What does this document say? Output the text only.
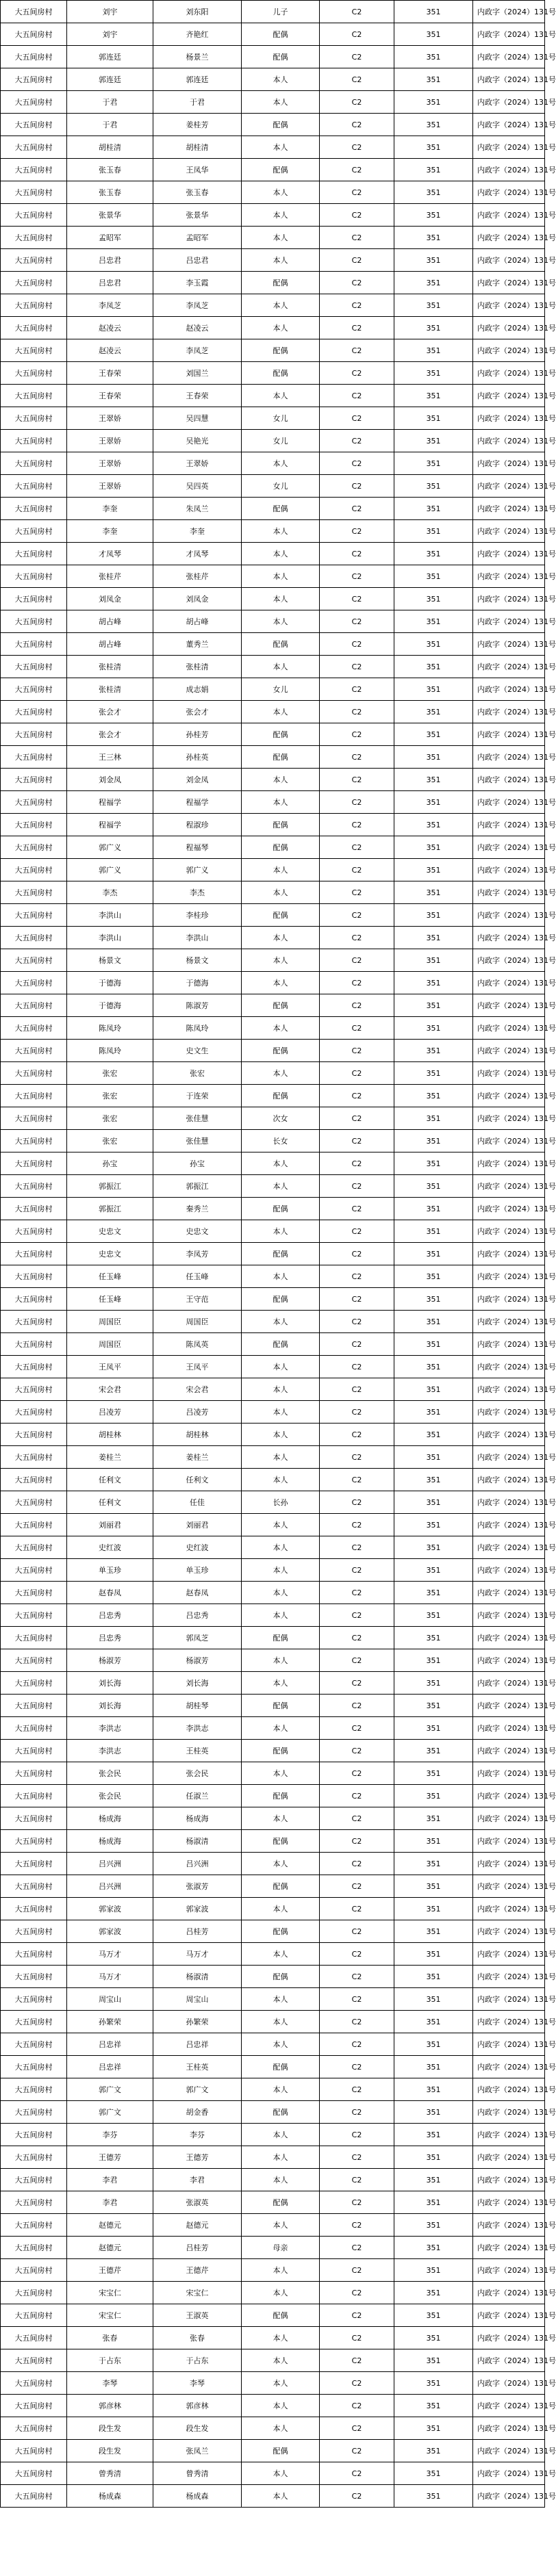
大五间房村	刘宇	刘东阳	儿子	C2	351	内政字（2024）131号
大五间房村	刘宇	齐艳红	配偶	C2	351	内政字（2024）131号
大五间房村	郭连廷	杨景兰	配偶	C2	351	内政字（2024）131号
大五间房村	郭连廷	郭连廷	本人	C2	351	内政字（2024）131号
大五间房村	于君	于君	本人	C2	351	内政字（2024）131号
大五间房村	于君	姜桂芳	配偶	C2	351	内政字（2024）131号
大五间房村	胡桂清	胡桂清	本人	C2	351	内政字（2024）131号
大五间房村	张玉春	王凤华	配偶	C2	351	内政字（2024）131号
大五间房村	张玉春	张玉春	本人	C2	351	内政字（2024）131号
大五间房村	张景华	张景华	本人	C2	351	内政字（2024）131号
大五间房村	孟昭军	孟昭军	本人	C2	351	内政字（2024）131号
大五间房村	吕忠君	吕忠君	本人	C2	351	内政字（2024）131号
大五间房村	吕忠君	李玉霞	配偶	C2	351	内政字（2024）131号
大五间房村	李凤芝	李凤芝	本人	C2	351	内政字（2024）131号
大五间房村	赵凌云	赵凌云	本人	C2	351	内政字（2024）131号
大五间房村	赵凌云	李凤芝	配偶	C2	351	内政字（2024）131号
大五间房村	王春荣	刘国兰	配偶	C2	351	内政字（2024）131号
大五间房村	王春荣	王春荣	本人	C2	351	内政字（2024）131号
大五间房村	王翠娇	吴四慧	女儿	C2	351	内政字（2024）131号
大五间房村	王翠娇	吴艳光	女儿	C2	351	内政字（2024）131号
大五间房村	王翠娇	王翠娇	本人	C2	351	内政字（2024）131号
大五间房村	王翠娇	吴四英	女儿	C2	351	内政字（2024）131号
大五间房村	李奎	朱凤兰	配偶	C2	351	内政字（2024）131号
大五间房村	李奎	李奎	本人	C2	351	内政字（2024）131号
大五间房村	才凤琴	才凤琴	本人	C2	351	内政字（2024）131号
大五间房村	张桂芹	张桂芹	本人	C2	351	内政字（2024）131号
大五间房村	刘凤金	刘凤金	本人	C2	351	内政字（2024）131号
大五间房村	胡占峰	胡占峰	本人	C2	351	内政字（2024）131号
大五间房村	胡占峰	董秀兰	配偶	C2	351	内政字（2024）131号
大五间房村	张桂清	张桂清	本人	C2	351	内政字（2024）131号
大五间房村	张桂清	成志娟	女儿	C2	351	内政字（2024）131号
大五间房村	张会才	张会才	本人	C2	351	内政字（2024）131号
大五间房村	张会才	孙桂芳	配偶	C2	351	内政字（2024）131号
大五间房村	王三林	孙桂英	配偶	C2	351	内政字（2024）131号
大五间房村	刘金凤	刘金凤	本人	C2	351	内政字（2024）131号
大五间房村	程福学	程福学	本人	C2	351	内政字（2024）131号
大五间房村	程福学	程淑珍	配偶	C2	351	内政字（2024）131号
大五间房村	郭广义	程福琴	配偶	C2	351	内政字（2024）131号
大五间房村	郭广义	郭广义	本人	C2	351	内政字（2024）131号
大五间房村	李杰	李杰	本人	C2	351	内政字（2024）131号
大五间房村	李洪山	李桂珍	配偶	C2	351	内政字（2024）131号
大五间房村	李洪山	李洪山	本人	C2	351	内政字（2024）131号
大五间房村	杨景文	杨景文	本人	C2	351	内政字（2024）131号
大五间房村	于德海	于德海	本人	C2	351	内政字（2024）131号
大五间房村	于德海	陈淑芳	配偶	C2	351	内政字（2024）131号
大五间房村	陈凤玲	陈凤玲	本人	C2	351	内政字（2024）131号
大五间房村	陈凤玲	史文生	配偶	C2	351	内政字（2024）131号
大五间房村	张宏	张宏	本人	C2	351	内政字（2024）131号
大五间房村	张宏	于连荣	配偶	C2	351	内政字（2024）131号
大五间房村	张宏	张佳慧	次女	C2	351	内政字（2024）131号
大五间房村	张宏	张佳慧	长女	C2	351	内政字（2024）131号
大五间房村	孙宝	孙宝	本人	C2	351	内政字（2024）131号
大五间房村	郭振江	郭振江	本人	C2	351	内政字（2024）131号
大五间房村	郭振江	秦秀兰	配偶	C2	351	内政字（2024）131号
大五间房村	史忠文	史忠文	本人	C2	351	内政字（2024）131号
大五间房村	史忠文	李凤芳	配偶	C2	351	内政字（2024）131号
大五间房村	任玉峰	任玉峰	本人	C2	351	内政字（2024）131号
大五间房村	任玉峰	王守范	配偶	C2	351	内政字（2024）131号
大五间房村	周国臣	周国臣	本人	C2	351	内政字（2024）131号
大五间房村	周国臣	陈凤英	配偶	C2	351	内政字（2024）131号
大五间房村	王凤平	王凤平	本人	C2	351	内政字（2024）131号
大五间房村	宋会君	宋会君	本人	C2	351	内政字（2024）131号
大五间房村	吕凌芳	吕凌芳	本人	C2	351	内政字（2024）131号
大五间房村	胡桂林	胡桂林	本人	C2	351	内政字（2024）131号
大五间房村	姜桂兰	姜桂兰	本人	C2	351	内政字（2024）131号
大五间房村	任利文	任利文	本人	C2	351	内政字（2024）131号
大五间房村	任利文	任佳	长孙	C2	351	内政字（2024）131号
大五间房村	刘丽君	刘丽君	本人	C2	351	内政字（2024）131号
大五间房村	史红波	史红波	本人	C2	351	内政字（2024）131号
大五间房村	单玉珍	单玉珍	本人	C2	351	内政字（2024）131号
大五间房村	赵春凤	赵春凤	本人	C2	351	内政字（2024）131号
大五间房村	吕忠秀	吕忠秀	本人	C2	351	内政字（2024）131号
大五间房村	吕忠秀	郭凤芝	配偶	C2	351	内政字（2024）131号
大五间房村	杨淑芳	杨淑芳	本人	C2	351	内政字（2024）131号
大五间房村	刘长海	刘长海	本人	C2	351	内政字（2024）131号
大五间房村	刘长海	胡桂琴	配偶	C2	351	内政字（2024）131号
大五间房村	李洪志	李洪志	本人	C2	351	内政字（2024）131号
大五间房村	李洪志	王桂英	配偶	C2	351	内政字（2024）131号
大五间房村	张会民	张会民	本人	C2	351	内政字（2024）131号
大五间房村	张会民	任淑兰	配偶	C2	351	内政字（2024）131号
大五间房村	杨成海	杨成海	本人	C2	351	内政字（2024）131号
大五间房村	杨成海	杨淑清	配偶	C2	351	内政字（2024）131号
大五间房村	吕兴洲	吕兴洲	本人	C2	351	内政字（2024）131号
大五间房村	吕兴洲	张淑芳	配偶	C2	351	内政字（2024）131号
大五间房村	郭家波	郭家波	本人	C2	351	内政字（2024）131号
大五间房村	郭家波	吕桂芳	配偶	C2	351	内政字（2024）131号
大五间房村	马万才	马万才	本人	C2	351	内政字（2024）131号
大五间房村	马万才	杨淑清	配偶	C2	351	内政字（2024）131号
大五间房村	周宝山	周宝山	本人	C2	351	内政字（2024）131号
大五间房村	孙繁荣	孙繁荣	本人	C2	351	内政字（2024）131号
大五间房村	吕忠祥	吕忠祥	本人	C2	351	内政字（2024）131号
大五间房村	吕忠祥	王桂英	配偶	C2	351	内政字（2024）131号
大五间房村	郭广文	郭广文	本人	C2	351	内政字（2024）131号
大五间房村	郭广文	胡金香	配偶	C2	351	内政字（2024）131号
大五间房村	李芬	李芬	本人	C2	351	内政字（2024）131号
大五间房村	王德芳	王德芳	本人	C2	351	内政字（2024）131号
大五间房村	李君	李君	本人	C2	351	内政字（2024）131号
大五间房村	李君	张淑英	配偶	C2	351	内政字（2024）131号
大五间房村	赵德元	赵德元	本人	C2	351	内政字（2024）131号
大五间房村	赵德元	吕桂芳	母亲	C2	351	内政字（2024）131号
大五间房村	王德芹	王德芹	本人	C2	351	内政字（2024）131号
大五间房村	宋宝仁	宋宝仁	本人	C2	351	内政字（2024）131号
大五间房村	宋宝仁	王淑英	配偶	C2	351	内政字（2024）131号
大五间房村	张春	张春	本人	C2	351	内政字（2024）131号
大五间房村	于占东	于占东	本人	C2	351	内政字（2024）131号
大五间房村	李琴	李琴	本人	C2	351	内政字（2024）131号
大五间房村	郭彦林	郭彦林	本人	C2	351	内政字（2024）131号
大五间房村	段生发	段生发	本人	C2	351	内政字（2024）131号
大五间房村	段生发	张凤兰	配偶	C2	351	内政字（2024）131号
大五间房村	曾秀清	曾秀清	本人	C2	351	内政字（2024）131号
大五间房村	杨成森	杨成森	本人	C2	351	内政字（2024）131号
